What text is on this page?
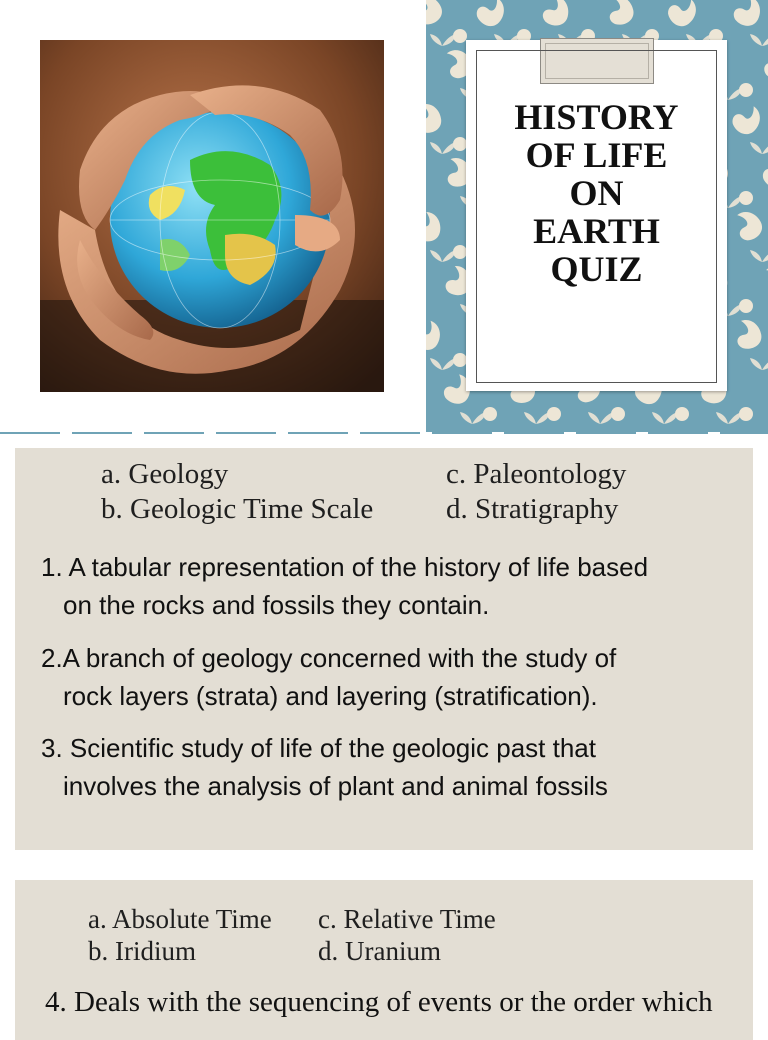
HISTORY
OF LIFE
ON
EARTH
QUIZ
a. Geology
b. Geologic Time Scale
c. Paleontology
d. Stratigraphy
1. A tabular representation of the history of life based
on the rocks and fossils they contain.
2.A branch of geology concerned with the study of
rock layers (strata) and layering (stratification).
3. Scientific study of life of the geologic past that
involves the analysis of plant and animal fossils
a. Absolute Time
b. Iridium
c. Relative Time
d. Uranium
4. Deals with the sequencing of events or the order which
